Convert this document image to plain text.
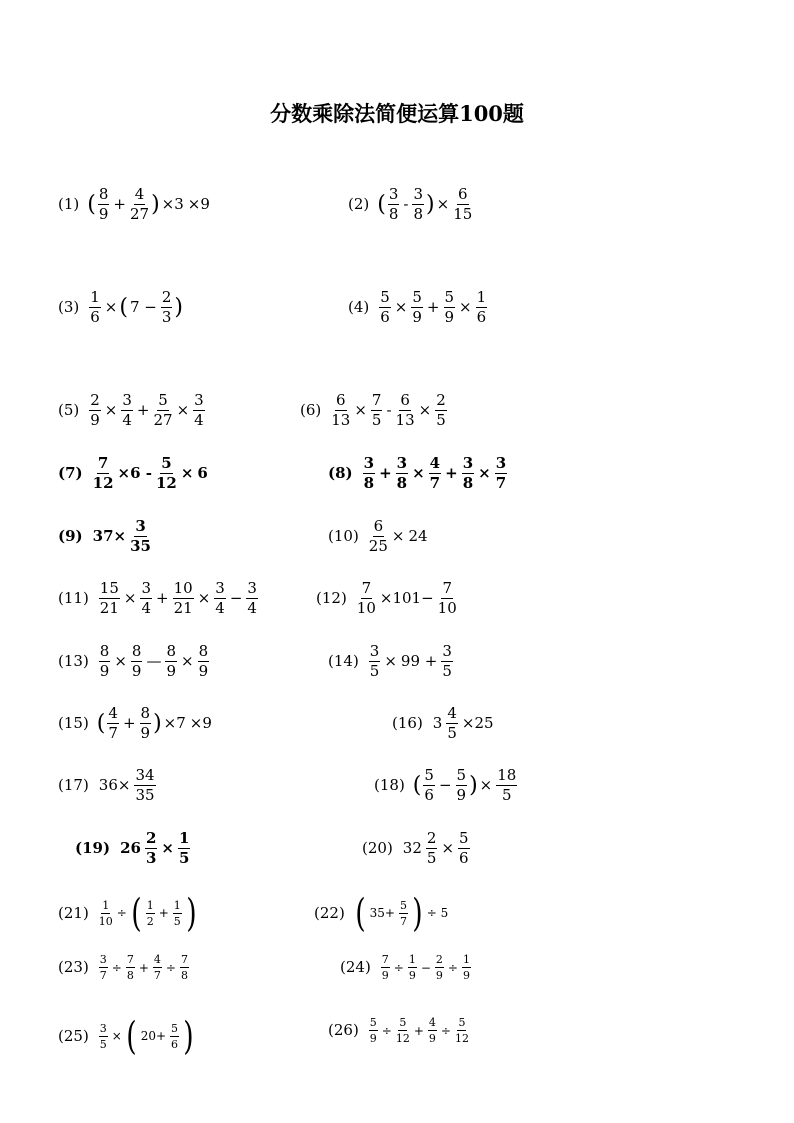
分数乘除法简便运算100题
(1) ( $\frac{8}{9} + \frac{4}{27}$ ) ×3 ×9	(2) ( $\frac{3}{8} - \frac{3}{8}$ ) × $\frac{6}{15}$
$(3) \frac{1}{6}$ × ( $7 - \frac{2}{3}$ )	$(4) \frac{5}{6} \times \frac{5}{9} + \frac{5}{9} \times \frac{1}{6}$
$(5) \frac{2}{9} \times \frac{3}{4} + \frac{5}{27} \times \frac{3}{4}$	$(6) \frac{6}{13} \times \frac{7}{5} - \frac{6}{13} \times \frac{2}{5}$
$(7) \frac{7}{12} \times 6 - \frac{5}{12} \times 6$	$(8) \frac{3}{8} + \frac{3}{8} \times \frac{4}{7} + \frac{3}{8} \times \frac{3}{7}$
(9) $37\times \frac{3}{35}$	$(10) \frac{6}{25} \times 24$
$(11) \frac{15}{21} \times \frac{3}{4} + \frac{10}{21} \times \frac{3}{4} - \frac{3}{4}$	$(12) \frac{7}{10} \times 101- \frac{7}{10}$
$(13) \frac{8}{9} \times \frac{8}{9}$ — $\frac{8}{9} \times \frac{8}{9}$	$(14) \frac{3}{5} \times 99 + \frac{3}{5}$
(15) ( $\frac{4}{7} + \frac{8}{9}$ ) ×7 ×9	(16) $3 \frac{4}{5} \times 25$
(17) $36\times \frac{34}{35}$	(18) ( $\frac{5}{6} - \frac{5}{9}$ ) × $\frac{18}{5}$
(19) $26 \frac{2}{3} \times \frac{1}{5}$	(20) $32 \frac{2}{5} \times \frac{5}{6}$
$(21) \frac{1}{10}$ ÷ ( $\frac{1}{2} + \frac{1}{5}$ )	(22) ( $35+ \frac{5}{7}$ ) ÷ 5
$(23) \frac{3}{7} \div \frac{7}{8} + \frac{4}{7} \div \frac{7}{8}$	$(24) \frac{7}{9} \div \frac{1}{9} - \frac{2}{9} \div \frac{1}{9}$
$(25) \frac{3}{5}$ × ( $20+ \frac{5}{6}$ )	$(26) \frac{5}{9} \div \frac{5}{12} + \frac{4}{9} \div \frac{5}{12}$
